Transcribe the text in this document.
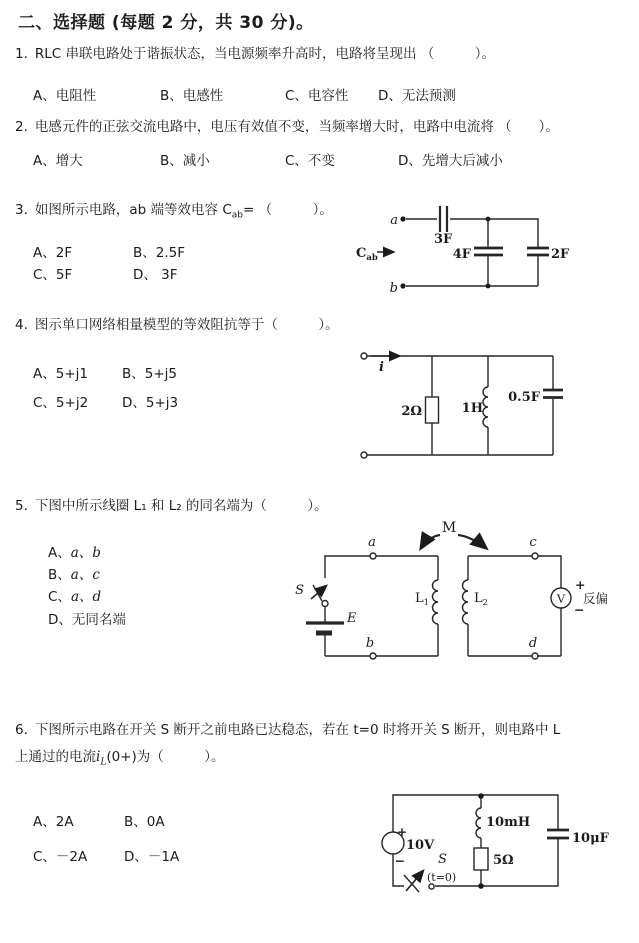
二、选择题 (每题 2 分，共 30 分)。
1. RLC 串联电路处于谐振状态，当电源频率升高时，电路将呈现出 （　　　）。
A、电阻性	B、电感性	C、电容性 D、无法预测
2. 电感元件的正弦交流电路中，电压有效值不变，当频率增大时，电路中电流将 （　　）。
A、增大	B、减小	C、不变	D、先增大后减小
3. 如图所示电路，ab 端等效电容 $C_{ab}=$ （　　　）。
A、2F	B、2.5F
C、5F	D、 3F
a
b
3F
4F	2F
$C_{ab}$
4. 图示单口网络相量模型的等效阻抗等于（　　　）。
A、5+j1	B、5+j5
C、5+j2	D、5+j3
i
2Ω	1H
0.5F
5. 下图中所示线圈 L₁ 和 L₂ 的同名端为（　　　）。
A、a、b
B、a、c
C、a、d
D、无同名端
M
a
b
c
d
S
E
$L_1$	$L_2$	V
+
−
反偏
6. 下图所示电路在开关 S 断开之前电路已达稳态，若在 t=0 时将开关 S 断开，则电路中 L
上通过的电流$i_L(0+)$为（　　　）。
A、2A	B、0A
C、－2A	D、－1A
+
−
10V
10mH
5Ω
10μF
S
(t=0)
